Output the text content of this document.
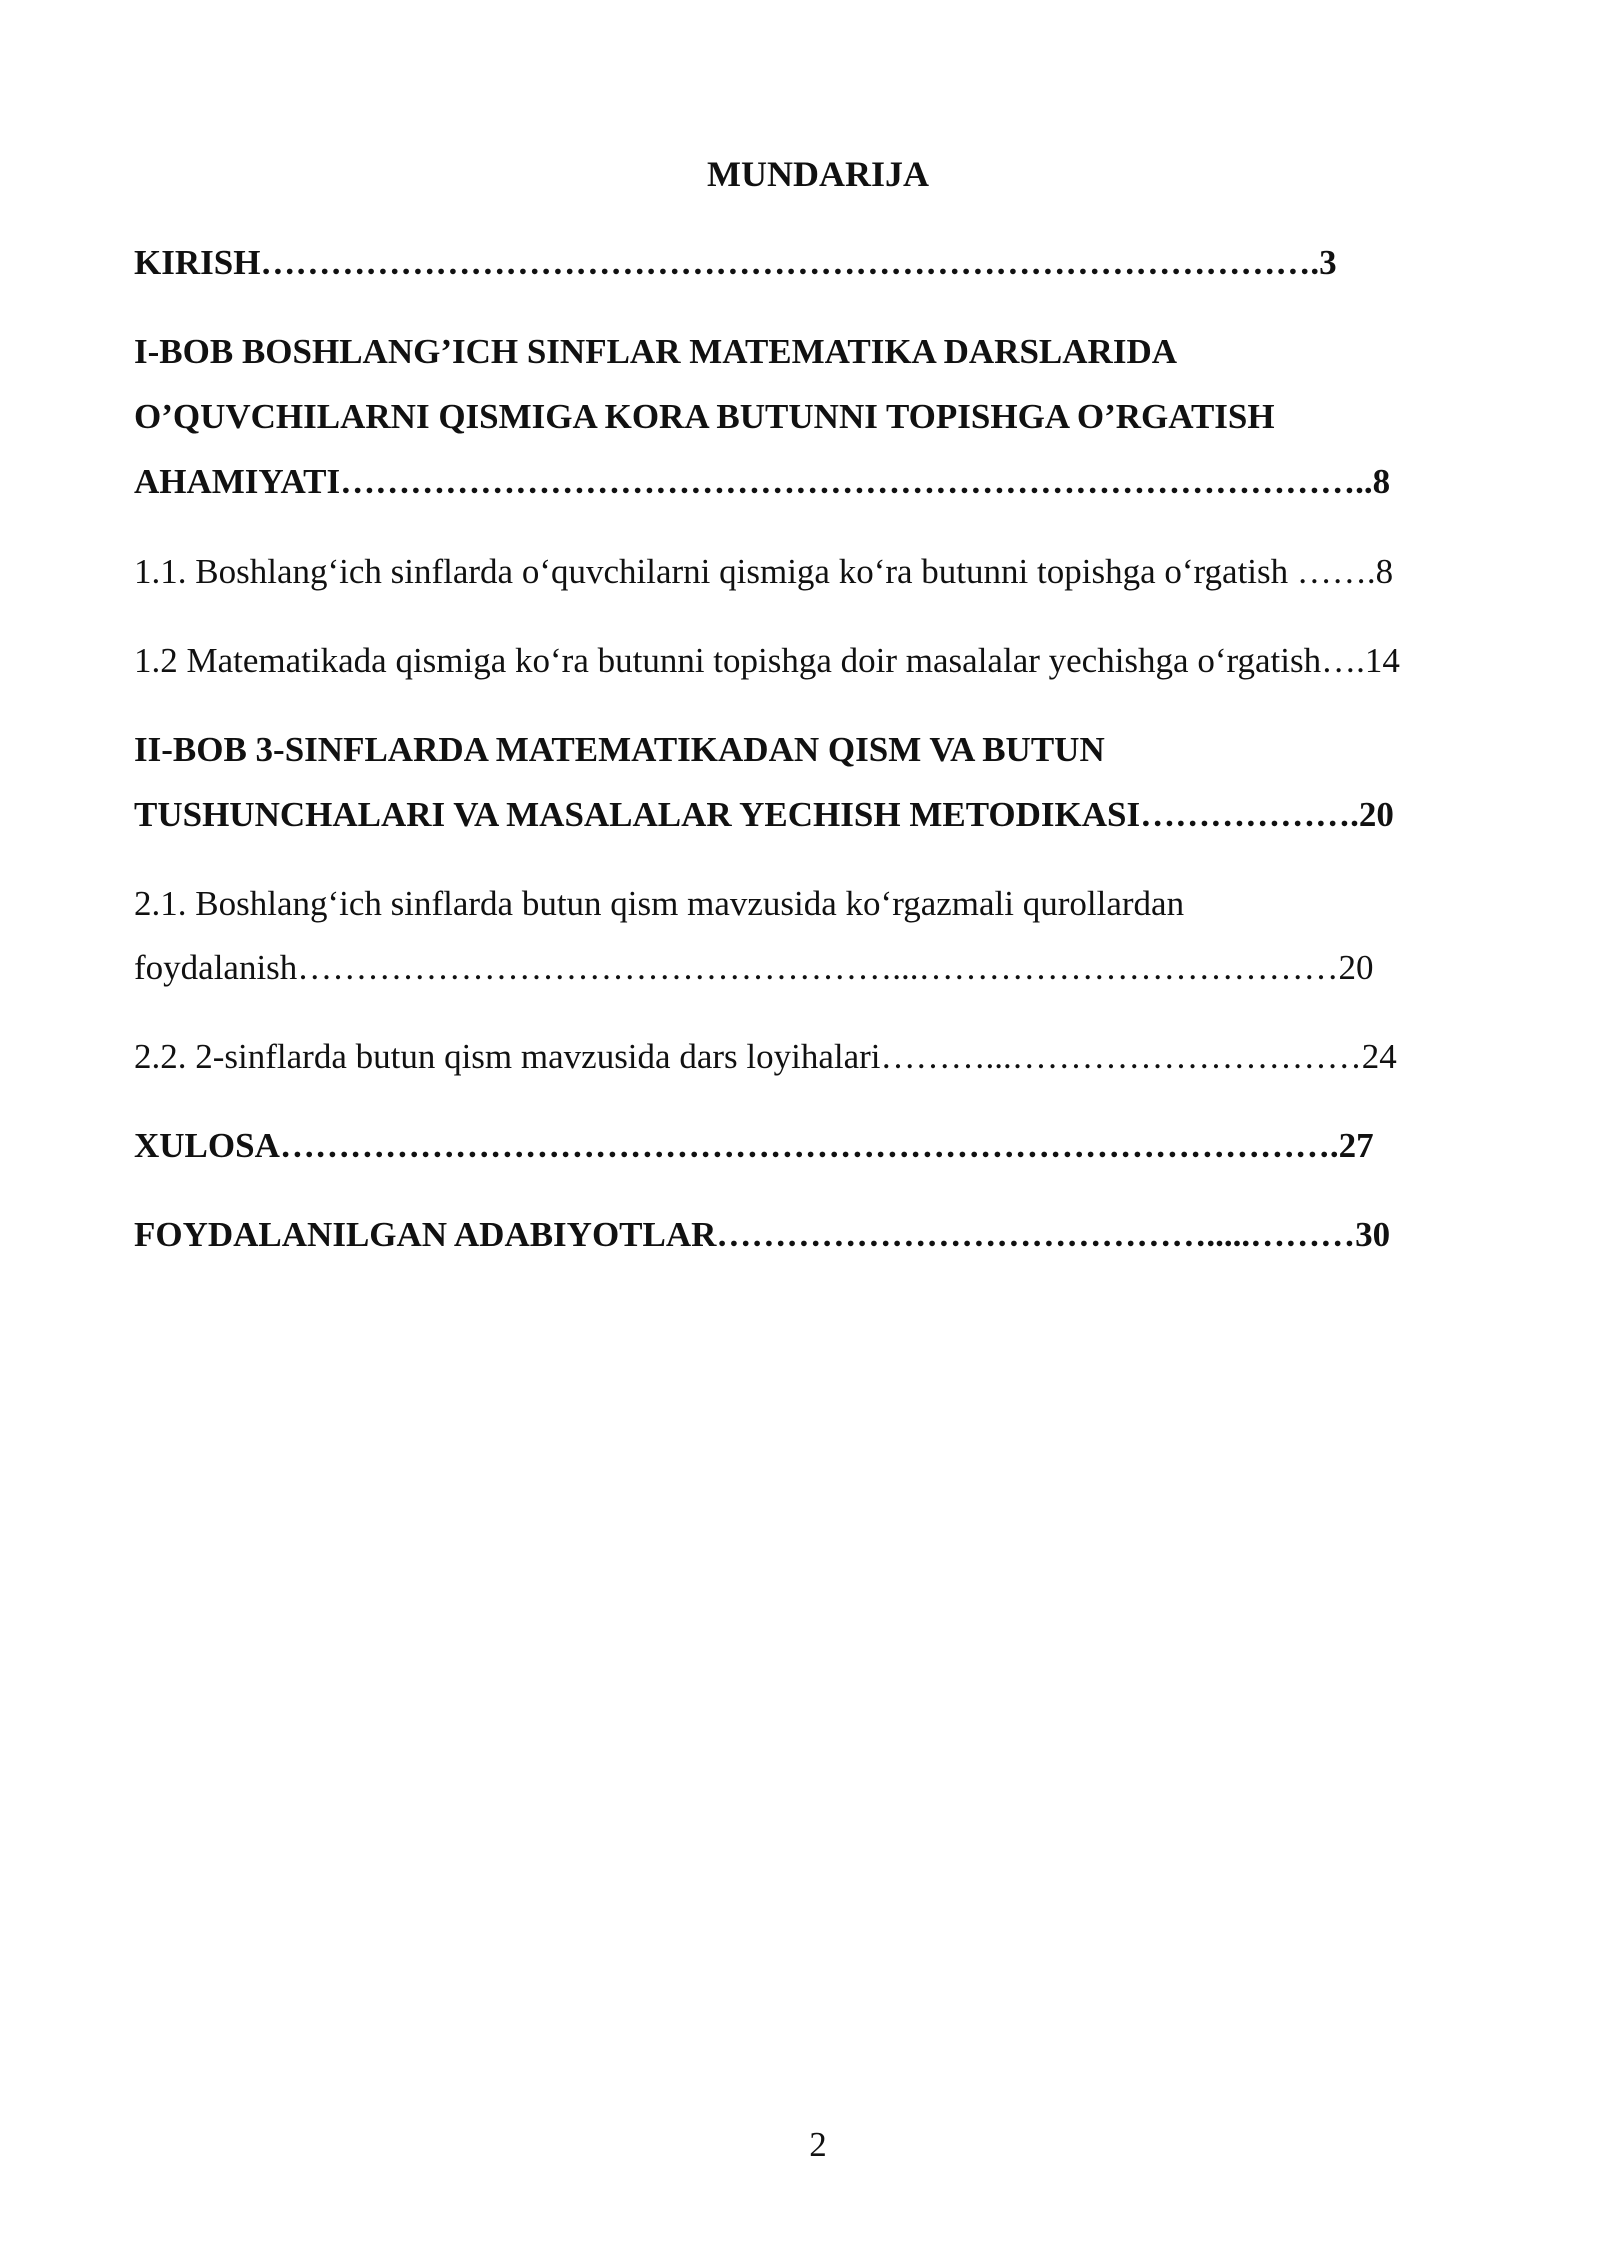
MUNDARIJA
KIRISH……………………………………………………………………………….3
I-BOB BOSHLANG’ICH SINFLAR MATEMATIKA DARSLARIDA
O’QUVCHILARNI QISMIGA KORA BUTUNNI TOPISHGA O’RGATISH
AHAMIYATI……………………………………………………………………………..8
1.1. Boshlang‘ich sinflarda o‘quvchilarni qismiga ko‘ra butunni topishga o‘rgatish …….8
1.2 Matematikada qismiga ko‘ra butunni topishga doir masalalar yechishga o‘rgatish….14
II-BOB 3-SINFLARDA MATEMATIKADAN QISM VA BUTUN
TUSHUNCHALARI VA MASALALAR YECHISH METODIKASI……………….20
2.1. Boshlang‘ich sinflarda butun qism mavzusida ko‘rgazmali qurollardan
foydalanish……………………………………………...………………………………20
2.2. 2-sinflarda butun qism mavzusida dars loyihalari………...…………………………24
XULOSA……………………………………………………………………………….27
FOYDALANILGAN ADABIYOTLAR…………………………………….....………30
2
